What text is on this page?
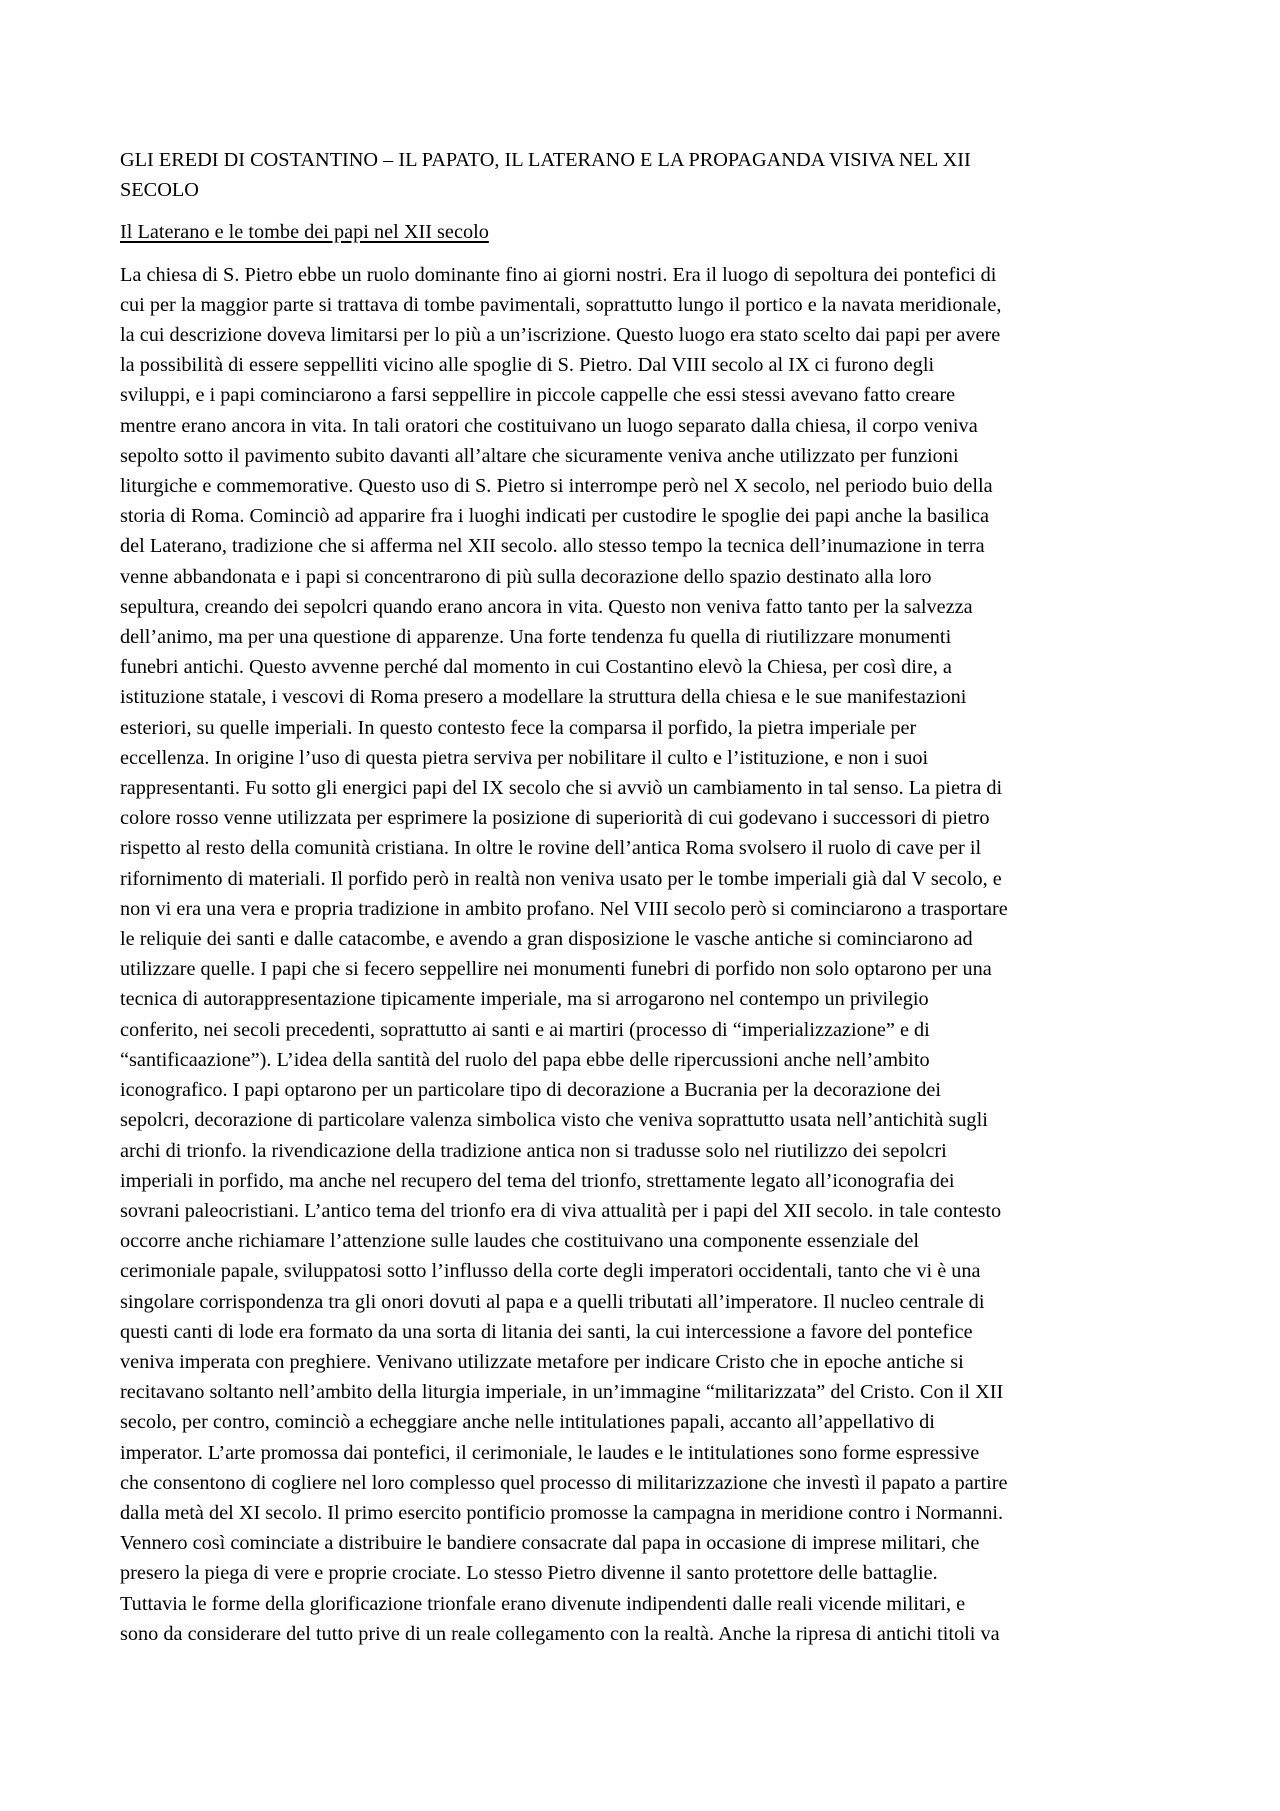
GLI EREDI DI COSTANTINO – IL PAPATO, IL LATERANO E LA PROPAGANDA VISIVA NEL XII
SECOLO
Il Laterano e le tombe dei papi nel XII secolo
La chiesa di S. Pietro ebbe un ruolo dominante fino ai giorni nostri. Era il luogo di sepoltura dei pontefici di
cui per la maggior parte si trattava di tombe pavimentali, soprattutto lungo il portico e la navata meridionale,
la cui descrizione doveva limitarsi per lo più a un’iscrizione. Questo luogo era stato scelto dai papi per avere
la possibilità di essere seppelliti vicino alle spoglie di S. Pietro. Dal VIII secolo al IX ci furono degli
sviluppi, e i papi cominciarono a farsi seppellire in piccole cappelle che essi stessi avevano fatto creare
mentre erano ancora in vita. In tali oratori che costituivano un luogo separato dalla chiesa, il corpo veniva
sepolto sotto il pavimento subito davanti all’altare che sicuramente veniva anche utilizzato per funzioni
liturgiche e commemorative. Questo uso di S. Pietro si interrompe però nel X secolo, nel periodo buio della
storia di Roma. Cominciò ad apparire fra i luoghi indicati per custodire le spoglie dei papi anche la basilica
del Laterano, tradizione che si afferma nel XII secolo. allo stesso tempo la tecnica dell’inumazione in terra
venne abbandonata e i papi si concentrarono di più sulla decorazione dello spazio destinato alla loro
sepultura, creando dei sepolcri quando erano ancora in vita. Questo non veniva fatto tanto per la salvezza
dell’animo, ma per una questione di apparenze. Una forte tendenza fu quella di riutilizzare monumenti
funebri antichi. Questo avvenne perché dal momento in cui Costantino elevò la Chiesa, per così dire, a
istituzione statale, i vescovi di Roma presero a modellare la struttura della chiesa e le sue manifestazioni
esteriori, su quelle imperiali. In questo contesto fece la comparsa il porfido, la pietra imperiale per
eccellenza. In origine l’uso di questa pietra serviva per nobilitare il culto e l’istituzione, e non i suoi
rappresentanti. Fu sotto gli energici papi del IX secolo che si avviò un cambiamento in tal senso. La pietra di
colore rosso venne utilizzata per esprimere la posizione di superiorità di cui godevano i successori di pietro
rispetto al resto della comunità cristiana. In oltre le rovine dell’antica Roma svolsero il ruolo di cave per il
rifornimento di materiali. Il porfido però in realtà non veniva usato per le tombe imperiali già dal V secolo, e
non vi era una vera e propria tradizione in ambito profano. Nel VIII secolo però si cominciarono a trasportare
le reliquie dei santi e dalle catacombe, e avendo a gran disposizione le vasche antiche si cominciarono ad
utilizzare quelle. I papi che si fecero seppellire nei monumenti funebri di porfido non solo optarono per una
tecnica di autorappresentazione tipicamente imperiale, ma si arrogarono nel contempo un privilegio
conferito, nei secoli precedenti, soprattutto ai santi e ai martiri (processo di “imperializzazione” e di
“santificaazione”). L’idea della santità del ruolo del papa ebbe delle ripercussioni anche nell’ambito
iconografico. I papi optarono per un particolare tipo di decorazione a Bucrania per la decorazione dei
sepolcri, decorazione di particolare valenza simbolica visto che veniva soprattutto usata nell’antichità sugli
archi di trionfo. la rivendicazione della tradizione antica non si tradusse solo nel riutilizzo dei sepolcri
imperiali in porfido, ma anche nel recupero del tema del trionfo, strettamente legato all’iconografia dei
sovrani paleocristiani. L’antico tema del trionfo era di viva attualità per i papi del XII secolo. in tale contesto
occorre anche richiamare l’attenzione sulle laudes che costituivano una componente essenziale del
cerimoniale papale, sviluppatosi sotto l’influsso della corte degli imperatori occidentali, tanto che vi è una
singolare corrispondenza tra gli onori dovuti al papa e a quelli tributati all’imperatore. Il nucleo centrale di
questi canti di lode era formato da una sorta di litania dei santi, la cui intercessione a favore del pontefice
veniva imperata con preghiere. Venivano utilizzate metafore per indicare Cristo che in epoche antiche si
recitavano soltanto nell’ambito della liturgia imperiale, in un’immagine “militarizzata” del Cristo. Con il XII
secolo, per contro, cominciò a echeggiare anche nelle intitulationes papali, accanto all’appellativo di
imperator. L’arte promossa dai pontefici, il cerimoniale, le laudes e le intitulationes sono forme espressive
che consentono di cogliere nel loro complesso quel processo di militarizzazione che investì il papato a partire
dalla metà del XI secolo. Il primo esercito pontificio promosse la campagna in meridione contro i Normanni.
Vennero così cominciate a distribuire le bandiere consacrate dal papa in occasione di imprese militari, che
presero la piega di vere e proprie crociate. Lo stesso Pietro divenne il santo protettore delle battaglie.
Tuttavia le forme della glorificazione trionfale erano divenute indipendenti dalle reali vicende militari, e
sono da considerare del tutto prive di un reale collegamento con la realtà. Anche la ripresa di antichi titoli va
